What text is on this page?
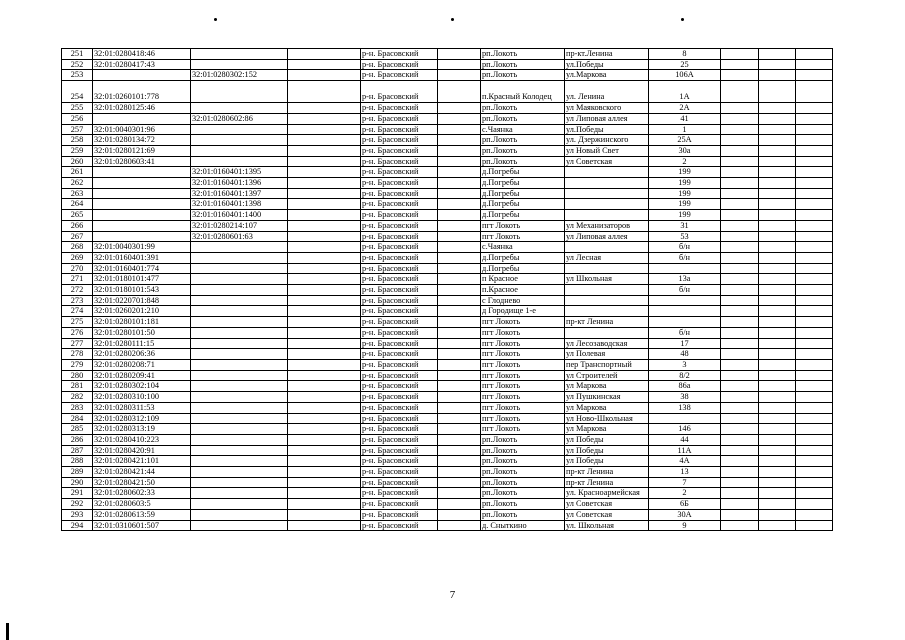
251	32:01:0280418:46			р-н. Брасовский		рп.Локоть	пр-кт.Ленина	8			
252	32:01:0280417:43			р-н. Брасовский		рп.Локоть	ул.Победы	25			
253		32:01:0280302:152		р-н. Брасовский		рп.Локоть	ул.Маркова	106А			
254	32:01:0260101:778			р-н. Брасовский		п.Красный Колодец	ул. Ленина	1А			
255	32:01:0280125:46			р-н. Брасовский		рп.Локоть	ул Маяковского	2А			
256		32:01:0280602:86		р-н. Брасовский		рп.Локоть	ул Липовая аллея	41			
257	32:01:0040301:96			р-н. Брасовский		с.Чаянка	ул.Победы	1			
258	32:01:0280134:72			р-н. Брасовский		рп.Локоть	ул. Дзержинского	25А			
259	32:01:0280121:69			р-н. Брасовский		рп.Локоть	ул Новый Свет	30а			
260	32:01:0280603:41			р-н. Брасовский		рп.Локоть	ул Советская	2			
261		32:01:0160401:1395		р-н. Брасовский		д.Погребы		199			
262		32:01:0160401:1396		р-н. Брасовский		д.Погребы		199			
263		32:01:0160401:1397		р-н. Брасовский		д.Погребы		199			
264		32:01:0160401:1398		р-н. Брасовский		д.Погребы		199			
265		32:01:0160401:1400		р-н. Брасовский		д.Погребы		199			
266		32:01:0280214:107		р-н. Брасовский		пгт Локоть	ул Механизаторов	31			
267		32:01:0280601:63		р-н. Брасовский		пгт Локоть	ул Липовая аллея	53			
268	32:01:0040301:99			р-н. Брасовский		с.Чаянка		б/н			
269	32:01:0160401:391			р-н. Брасовский		д.Погребы	ул Лесная	б/н			
270	32:01:0160401:774			р-н. Брасовский		д.Погребы					
271	32:01:0180101:477			р-н. Брасовский		п Красное	ул Школьная	13а			
272	32:01:0180101:543			р-н. Брасовский		п.Красное		б/н			
273	32:01:0220701:848			р-н. Брасовский		с Глоднево					
274	32:01:0260201:210			р-н. Брасовский		д Городище 1-е					
275	32:01:0280101:181			р-н. Брасовский		пгт Локоть	пр-кт Ленина				
276	32:01:0280101:50			р-н. Брасовский		пгт Локоть		б/н			
277	32:01:0280111:15			р-н. Брасовский		пгт Локоть	ул Лесозаводская	17			
278	32:01:0280206:36			р-н. Брасовский		пгт Локоть	ул Полевая	48			
279	32:01:0280208:71			р-н. Брасовский		пгт Локоть	пер Транспортный	3			
280	32:01:0280209:41			р-н. Брасовский		пгт Локоть	ул Строителей	8/2			
281	32:01:0280302:104			р-н. Брасовский		пгт Локоть	ул Маркова	86а			
282	32:01:0280310:100			р-н. Брасовский		пгт Локоть	ул Пушкинская	38			
283	32:01:0280311:53			р-н. Брасовский		пгт Локоть	ул Маркова	138			
284	32:01:0280312:109			р-н. Брасовский		пгт Локоть	ул Ново-Школьная				
285	32:01:0280313:19			р-н. Брасовский		пгт Локоть	ул Маркова	146			
286	32:01:0280410:223			р-н. Брасовский		рп.Локоть	ул Победы	44			
287	32:01:0280420:91			р-н. Брасовский		рп.Локоть	ул Победы	11А			
288	32:01:0280421:101			р-н. Брасовский		рп.Локоть	ул Победы	4А			
289	32:01:0280421:44			р-н. Брасовский		рп.Локоть	пр-кт Ленина	13			
290	32:01:0280421:50			р-н. Брасовский		рп.Локоть	пр-кт Ленина	7			
291	32:01:0280602:33			р-н. Брасовский		рп.Локоть	ул. Красноармейская	2			
292	32:01:0280603:5			р-н. Брасовский		рп.Локоть	ул Советская	6Б			
293	32:01:0280613:59			р-н. Брасовский		рп.Локоть	ул Советская	30А			
294	32:01:0310601:507			р-н. Брасовский		д. Сныткино	ул. Школьная	9			
7
